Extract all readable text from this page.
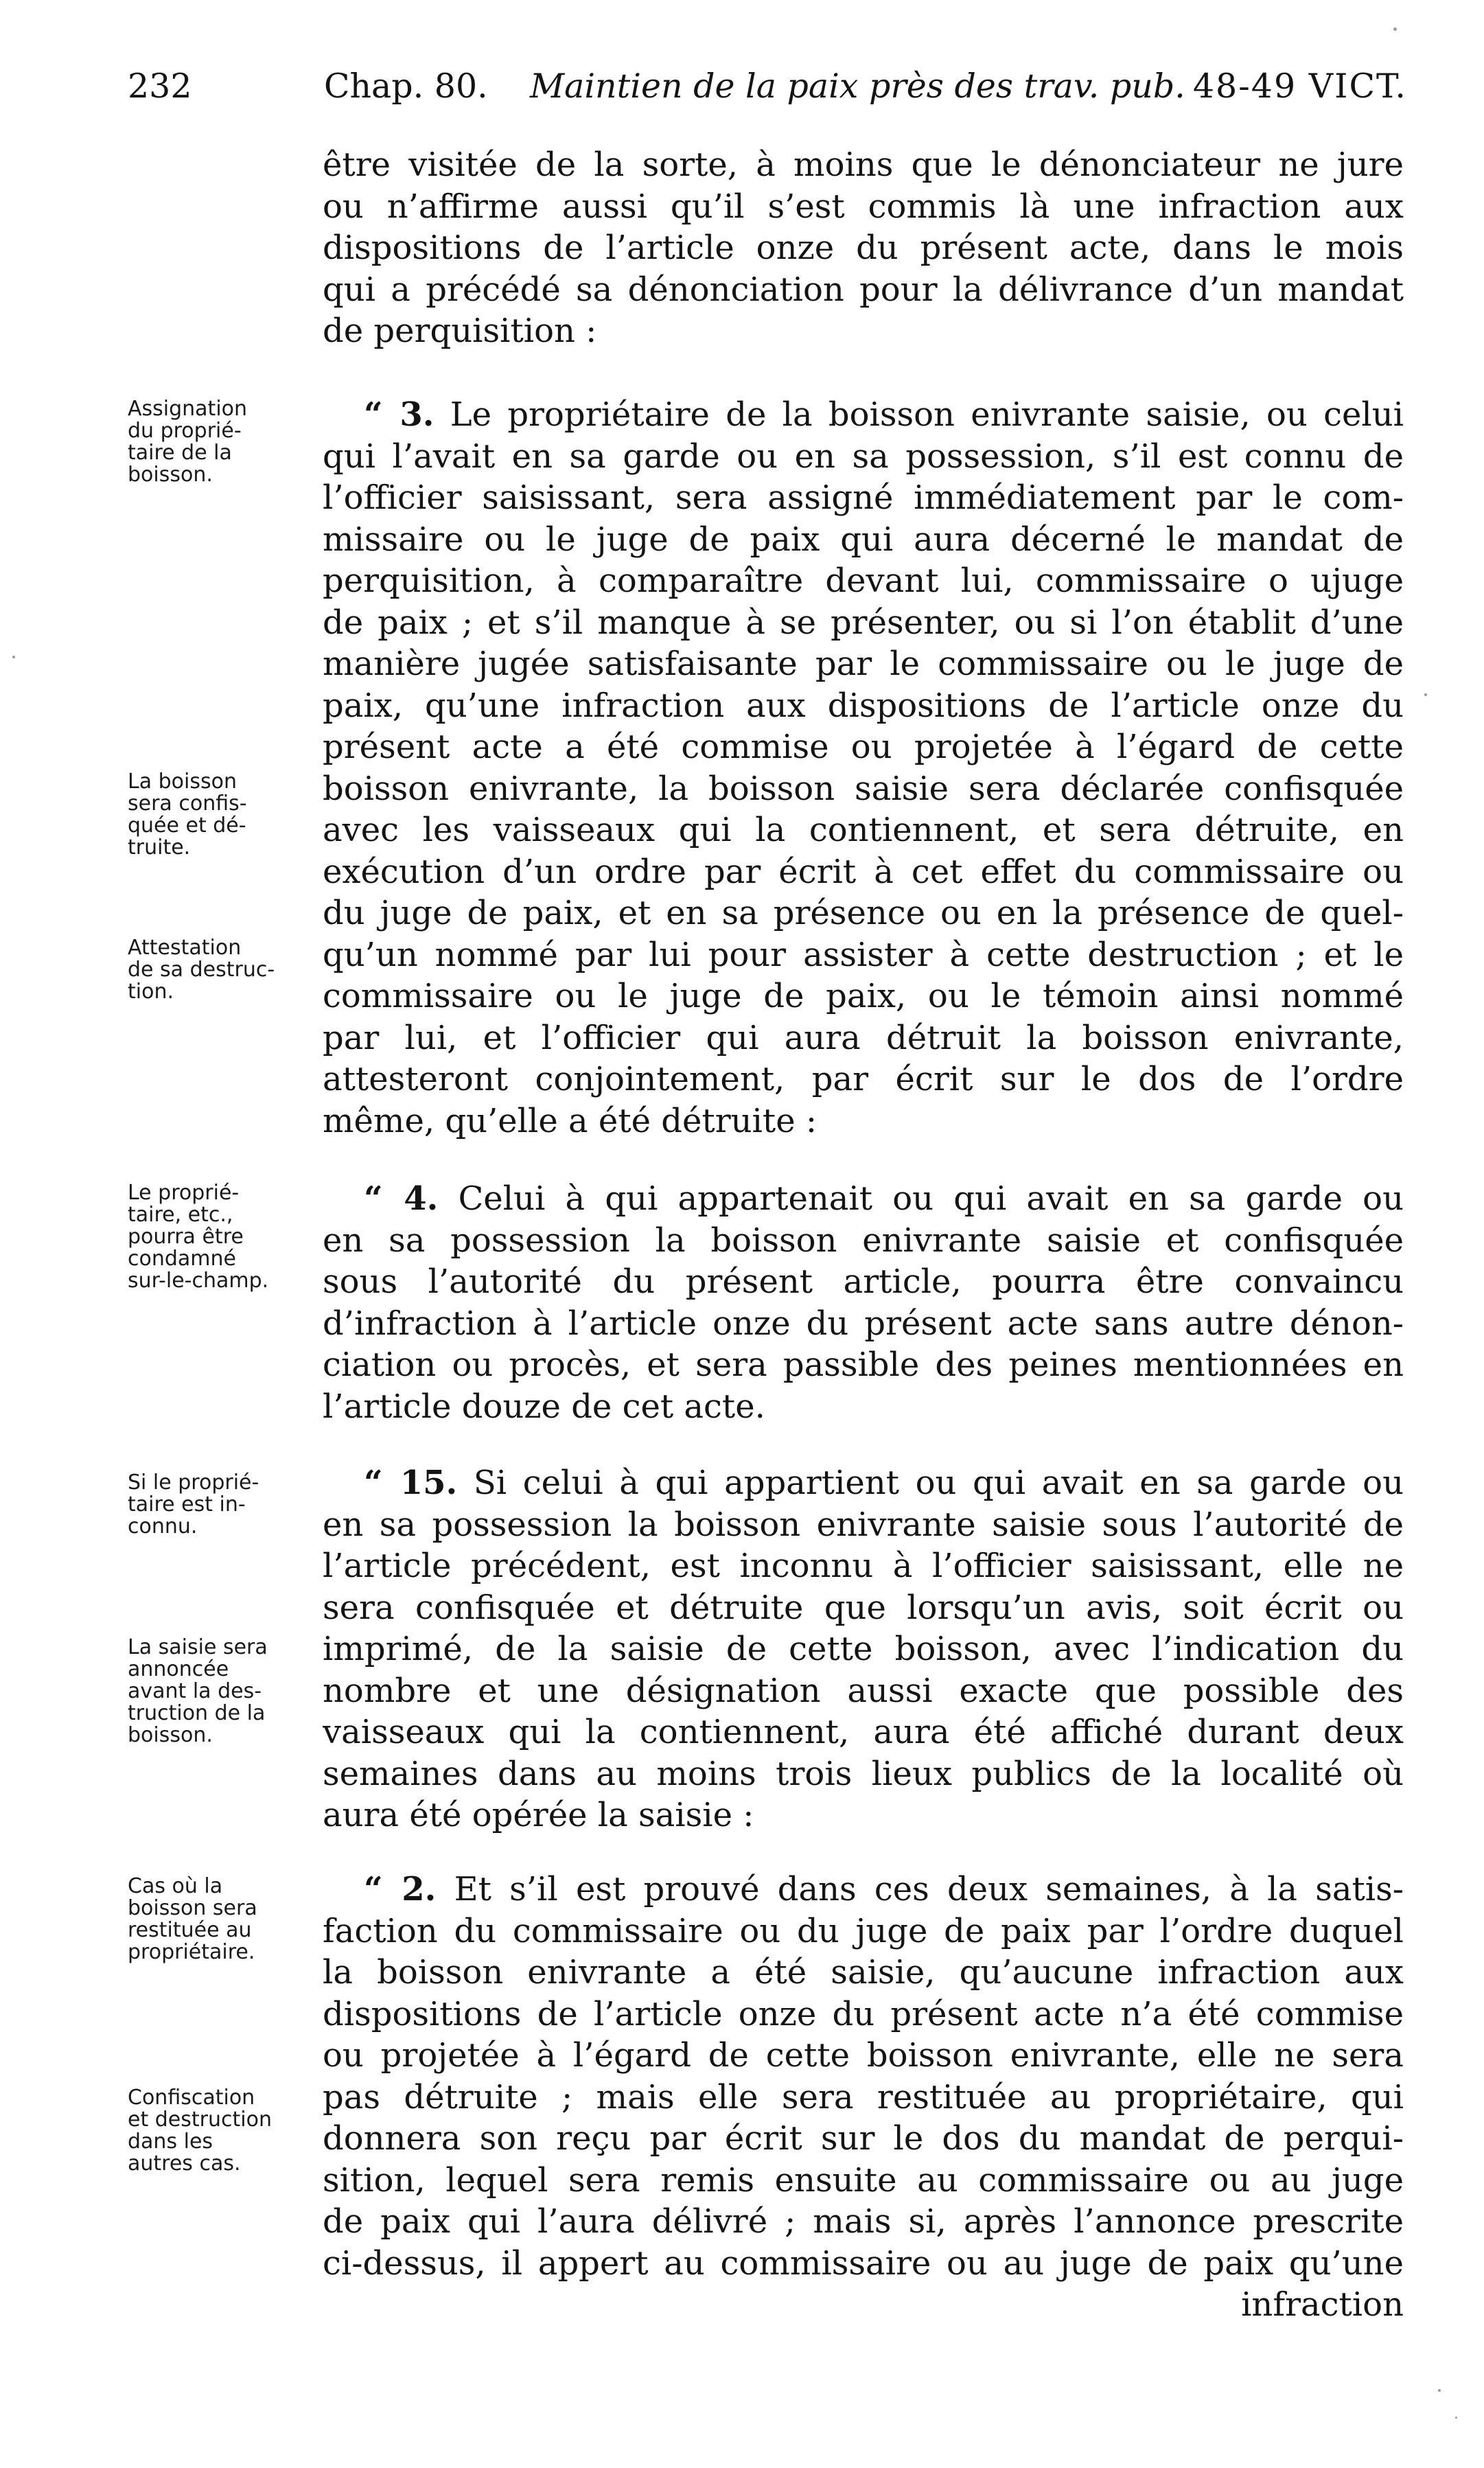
232	Chap. 80. Maintien de la paix près des trav. pub. 48-49 VICT.
être visitée de la sorte, à moins que le dénonciateur ne jure
ou n’affirme aussi qu’il s’est commis là une infraction aux
dispositions de l’article onze du présent acte, dans le mois
qui a précédé sa dénonciation pour la délivrance d’un mandat
de perquisition :
“ 3. Le propriétaire de la boisson enivrante saisie, ou celui
qui l’avait en sa garde ou en sa possession, s’il est connu de
l’officier saisissant, sera assigné immédiatement par le com-
missaire ou le juge de paix qui aura décerné le mandat de
perquisition, à comparaître devant lui, commissaire o ujuge
de paix ; et s’il manque à se présenter, ou si l’on établit d’une
manière jugée satisfaisante par le commissaire ou le juge de
paix, qu’une infraction aux dispositions de l’article onze du
présent acte a été commise ou projetée à l’égard de cette
boisson enivrante, la boisson saisie sera déclarée confisquée
avec les vaisseaux qui la contiennent, et sera détruite, en
exécution d’un ordre par écrit à cet effet du commissaire ou
du juge de paix, et en sa présence ou en la présence de quel-
qu’un nommé par lui pour assister à cette destruction ; et le
commissaire ou le juge de paix, ou le témoin ainsi nommé
par lui, et l’officier qui aura détruit la boisson enivrante,
attesteront conjointement, par écrit sur le dos de l’ordre
même, qu’elle a été détruite :
“ 4. Celui à qui appartenait ou qui avait en sa garde ou
en sa possession la boisson enivrante saisie et confisquée
sous l’autorité du présent article, pourra être convaincu
d’infraction à l’article onze du présent acte sans autre dénon-
ciation ou procès, et sera passible des peines mentionnées en
l’article douze de cet acte.
“ 15. Si celui à qui appartient ou qui avait en sa garde ou
en sa possession la boisson enivrante saisie sous l’autorité de
l’article précédent, est inconnu à l’officier saisissant, elle ne
sera confisquée et détruite que lorsqu’un avis, soit écrit ou
imprimé, de la saisie de cette boisson, avec l’indication du
nombre et une désignation aussi exacte que possible des
vaisseaux qui la contiennent, aura été affiché durant deux
semaines dans au moins trois lieux publics de la localité où
aura été opérée la saisie :
“ 2. Et s’il est prouvé dans ces deux semaines, à la satis-
faction du commissaire ou du juge de paix par l’ordre duquel
la boisson enivrante a été saisie, qu’aucune infraction aux
dispositions de l’article onze du présent acte n’a été commise
ou projetée à l’égard de cette boisson enivrante, elle ne sera
pas détruite ; mais elle sera restituée au propriétaire, qui
donnera son reçu par écrit sur le dos du mandat de perqui-
sition, lequel sera remis ensuite au commissaire ou au juge
de paix qui l’aura délivré ; mais si, après l’annonce prescrite
ci-dessus, il appert au commissaire ou au juge de paix qu’une
infraction
Assignation
du proprié-
taire de la
boisson.
La boisson
sera confis-
quée et dé-
truite.
Attestation
de sa destruc-
tion.
Le proprié-
taire, etc.,
pourra être
condamné
sur-le-champ.
Si le proprié-
taire est in-
connu.
La saisie sera
annoncée
avant la des-
truction de la
boisson.
Cas où la
boisson sera
restituée au
propriétaire.
Confiscation
et destruction
dans les
autres cas.
